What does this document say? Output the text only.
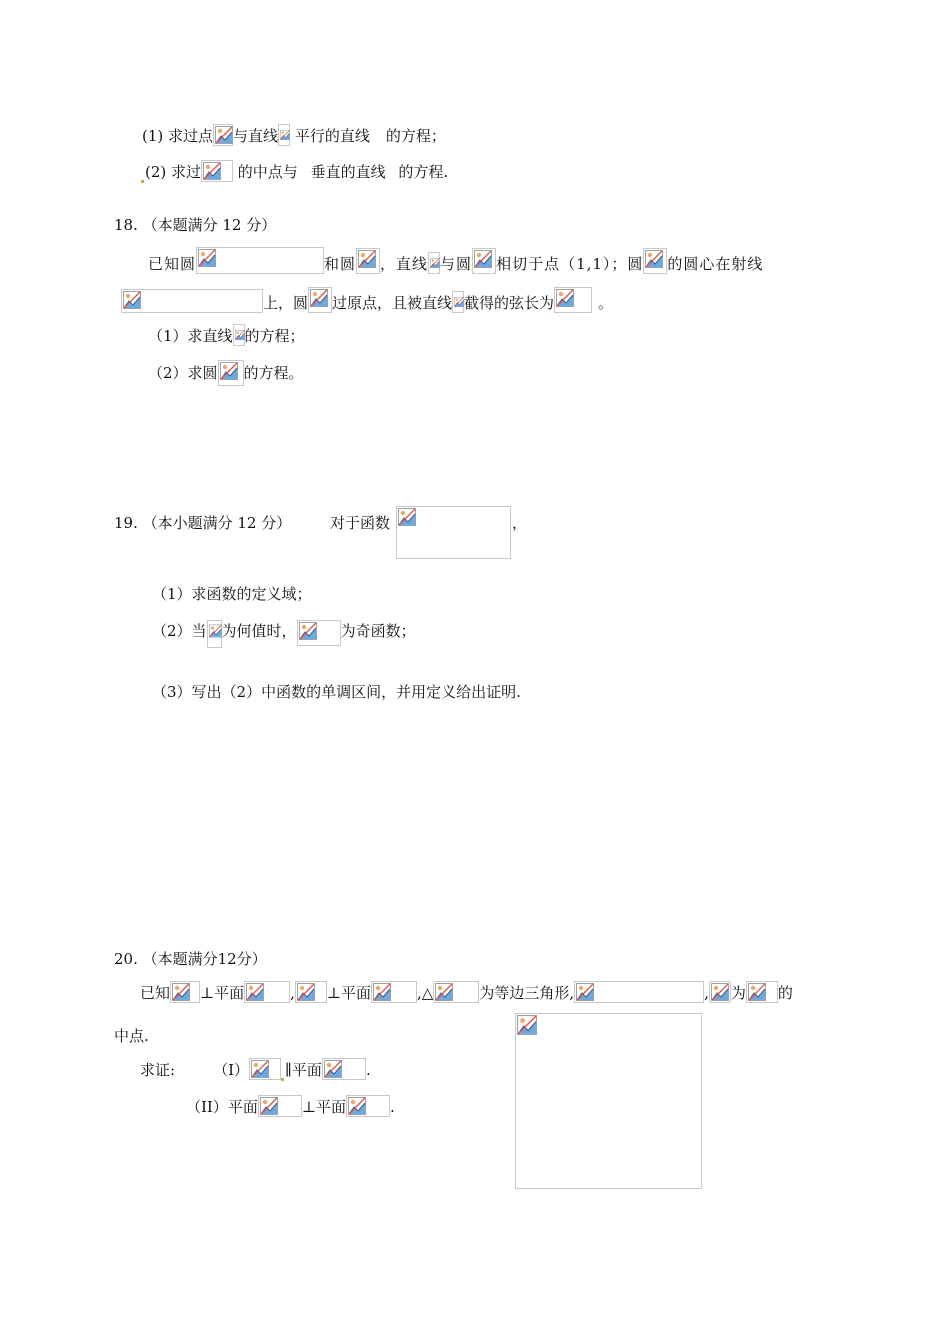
(1) 求过点 与直线
平行的直线 的方程；
(2) 求过
的中点与 垂直的直线 的方程.
18. （本题满分 12 分）
已知圆	和圆 ，直线 与圆 相切于点（1,1）；圆 的圆心在射线
上，圆 过原点，且被直线 截得的弦长为	。
（1）求直线 的方程；
（2）求圆 的方程。
19. （本小题满分 12 分）	对于函数	，
（1）求函数的定义域；
（2）当 为何值时，	为奇函数；
（3）写出（2）中函数的单调区间，并用定义给出证明.
20. （本题满分12分）
已知 ⊥平面	, ⊥平面	,△	为等边三角形,	, 为 的
中点.
求证:	（I） ∥平面	.
（II）平面	⊥平面	.
